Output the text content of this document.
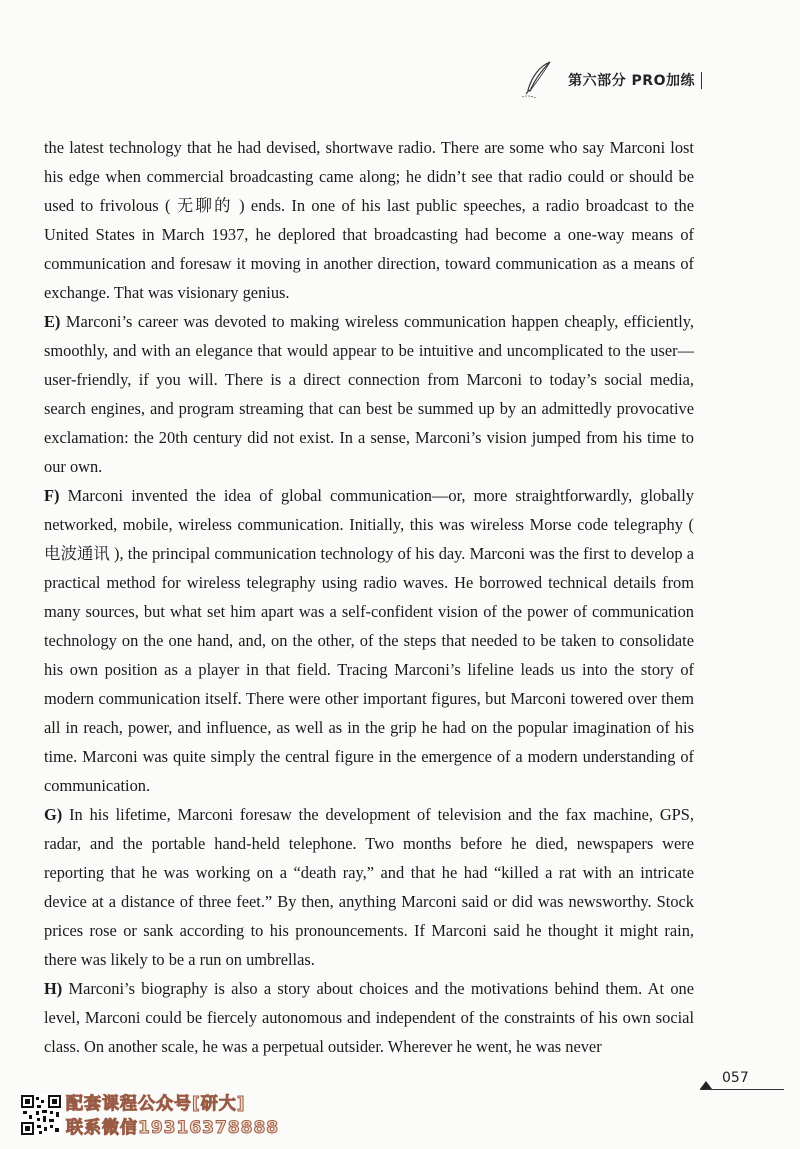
第六部分 PRO加练

the latest technology that he had devised, shortwave radio. There are some who say Marconi lost his edge when commercial broadcasting came along; he didn’t see that radio could or should be used to frivolous ( 无聊的 ) ends. In one of his last public speeches, a radio broadcast to the United States in March 1937, he deplored that broadcasting had become a one-way means of communication and foresaw it moving in another direction, toward communication as a means of exchange. That was visionary genius.

E) Marconi’s career was devoted to making wireless communication happen cheaply, efficiently, smoothly, and with an elegance that would appear to be intuitive and uncomplicated to the user—user-friendly, if you will. There is a direct connection from Marconi to today’s social media, search engines, and program streaming that can best be summed up by an admittedly provocative exclamation: the 20th century did not exist. In a sense, Marconi’s vision jumped from his time to our own.

F) Marconi invented the idea of global communication—or, more straightforwardly, globally networked, mobile, wireless communication. Initially, this was wireless Morse code telegraphy ( 电波通讯 ), the principal communication technology of his day. Marconi was the first to develop a practical method for wireless telegraphy using radio waves. He borrowed technical details from many sources, but what set him apart was a self-confident vision of the power of communication technology on the one hand, and, on the other, of the steps that needed to be taken to consolidate his own position as a player in that field. Tracing Marconi’s lifeline leads us into the story of modern communication itself. There were other important figures, but Marconi towered over them all in reach, power, and influence, as well as in the grip he had on the popular imagination of his time. Marconi was quite simply the central figure in the emergence of a modern understanding of communication.

G) In his lifetime, Marconi foresaw the development of television and the fax machine, GPS, radar, and the portable hand-held telephone. Two months before he died, newspapers were reporting that he was working on a “death ray,” and that he had “killed a rat with an intricate device at a distance of three feet.” By then, anything Marconi said or did was newsworthy. Stock prices rose or sank according to his pronouncements. If Marconi said he thought it might rain, there was likely to be a run on umbrellas.

H) Marconi’s biography is also a story about choices and the motivations behind them. At one level, Marconi could be fiercely autonomous and independent of the constraints of his own social class. On another scale, he was a perpetual outsider. Wherever he went, he was never

配套课程公众号[研大]
联系微信19316378888
057
